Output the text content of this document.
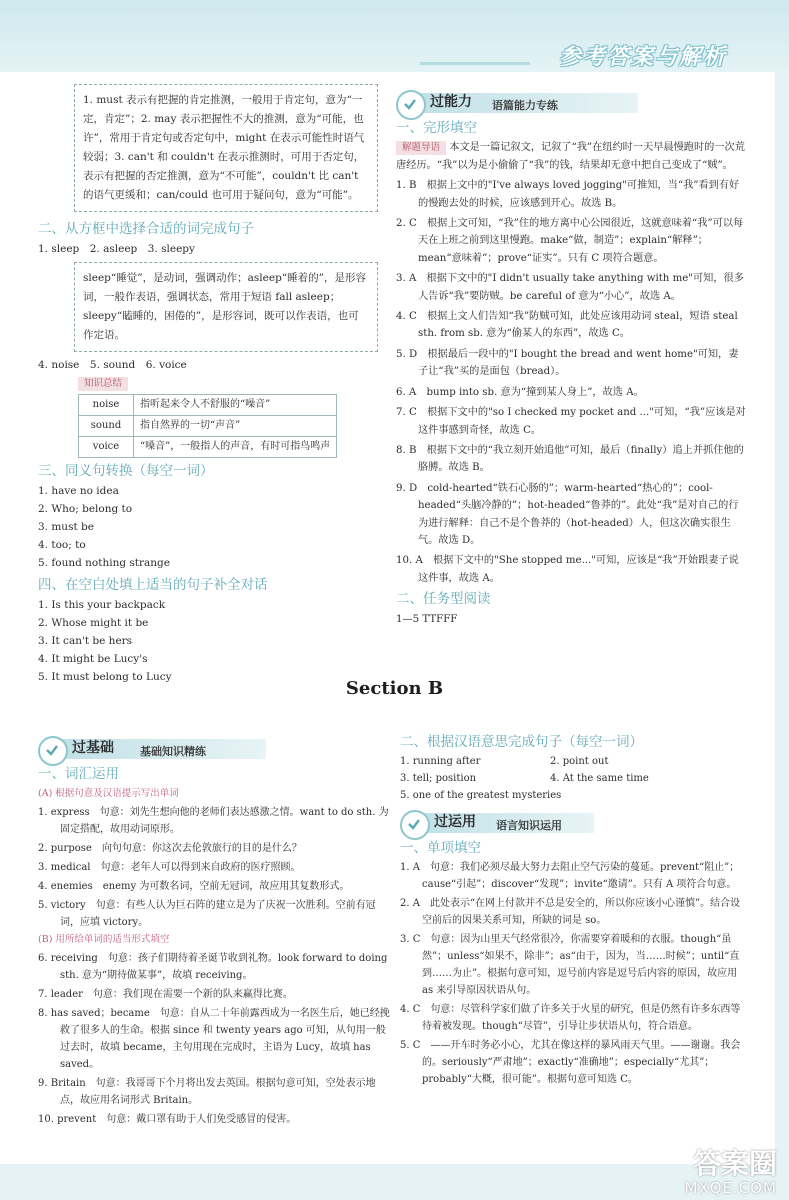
参考答案与解析

1. must 表示有把握的肯定推测，一般用于肯定句，意为“一定，肯定”；2. may 表示把握性不大的推测，意为“可能，也许”，常用于肯定句或否定句中，might 在表示可能性时语气较弱；3. can't 和 couldn't 在表示推测时，可用于否定句，表示有把握的否定推测，意为“不可能”，couldn't 比 can't 的语气更缓和；can/could 也可用于疑问句，意为“可能”。

二、从方框中选择合适的词完成句子

1. sleep　2. asleep　3. sleepy

sleep“睡觉”，是动词，强调动作；asleep“睡着的”，是形容词，一般作表语，强调状态，常用于短语 fall asleep；sleepy“瞌睡的，困倦的”，是形容词，既可以作表语，也可作定语。

4. noise　5. sound　6. voice

知识总结
noise	指听起来令人不舒服的“噪音”
sound	指自然界的一切“声音”
voice	“嗓音”，一般指人的声音，有时可指鸟鸣声
三、同义句转换（每空一词）

1. have no idea

2. Who; belong to

3. must be

4. too; to

5. found nothing strange

四、在空白处填上适当的句子补全对话

1. Is this your backpack

2. Whose might it be

3. It can't be hers

4. It might be Lucy's

5. It must belong to Lucy

过能力 语篇能力专练
一、完形填空

解题导语 本文是一篇记叙文，记叙了“我”在纽约时一天早晨慢跑时的一次荒唐经历。“我”以为是小偷偷了“我”的钱，结果却无意中把自己变成了“贼”。

1. B　根据上文中的"I've always loved jogging"可推知，当“我”看到有好的慢跑去处的时候，应该感到开心。故选 B。

2. C　根据上文可知，“我”住的地方离中心公园很近，这就意味着“我”可以每天在上班之前到这里慢跑。make“做，制造”；explain“解释”；mean“意味着”；prove“证实”。只有 C 项符合题意。

3. A　根据下文中的"I didn't usually take anything with me"可知，很多人告诉“我”要防贼。be careful of 意为“小心”，故选 A。

4. C　根据上文人们告知“我”防贼可知，此处应该用动词 steal，短语 steal sth. from sb. 意为“偷某人的东西”，故选 C。

5. D　根据最后一段中的"I bought the bread and went home"可知，妻子让“我”买的是面包（bread）。

6. A　bump into sb. 意为“撞到某人身上”，故选 A。

7. C　根据下文中的"so I checked my pocket and ..."可知，“我”应该是对这件事感到奇怪，故选 C。

8. B　根据下文中的“我立刻开始追他”可知，最后（finally）追上并抓住他的胳膊。故选 B。

9. D　cold-hearted“铁石心肠的”；warm-hearted“热心的”；cool-headed“头脑冷静的”；hot-headed“鲁莽的”。此处“我”是对自己的行为进行解释：自己不是个鲁莽的（hot-headed）人，但这次确实很生气。故选 D。

10. A　根据下文中的"She stopped me..."可知，应该是“我”开始跟妻子说这件事，故选 A。

二、任务型阅读

1—5 TTFFF

Section B
过基础 基础知识精练
一、词汇运用

(A) 根据句意及汉语提示写出单词

1. express　句意：刘先生想向他的老师们表达感激之情。want to do sth. 为固定搭配，故用动词原形。

2. purpose　向句句意：你这次去伦敦旅行的目的是什么？

3. medical　句意：老年人可以得到来自政府的医疗照顾。

4. enemies　enemy 为可数名词，空前无冠词，故应用其复数形式。

5. victory　句意：有些人认为巨石阵的建立是为了庆祝一次胜利。空前有冠词，应填 victory。

(B) 用所给单词的适当形式填空

6. receiving　句意：孩子们期待着圣诞节收到礼物。look forward to doing sth. 意为“期待做某事”，故填 receiving。

7. leader　句意：我们现在需要一个新的队来赢得比赛。

8. has saved；became　句意：自从二十年前露西成为一名医生后，她已经挽救了很多人的生命。根据 since 和 twenty years ago 可知，从句用一般过去时，故填 became，主句用现在完成时，主语为 Lucy，故填 has saved。

9. Britain　句意：我哥哥下个月将出发去英国。根据句意可知，空处表示地点，故应用名词形式 Britain。

10. prevent　句意：戴口罩有助于人们免受感冒的侵害。

二、根据汉语意思完成句子（每空一词）
1. running after	2. point out
3. tell; position	4. At the same time
5. one of the greatest mysteries
过运用 语言知识运用
一、单项填空

1. A　句意：我们必须尽最大努力去阻止空气污染的蔓延。prevent“阻止”；cause“引起”；discover“发现”；invite“邀请”。只有 A 项符合句意。

2. A　此处表示“在网上付款并不总是安全的，所以你应该小心谨慎”。结合设空前后的因果关系可知，所缺的词是 so。

3. C　句意：因为山里天气经常很冷，你需要穿着暖和的衣服。though“虽然”；unless“如果不，除非”；as“由于，因为，当……时候”；until“直到……为止”。根据句意可知，逗号前内容是逗号后内容的原因，故应用 as 来引导原因状语从句。

4. C　句意：尽管科学家们做了许多关于火星的研究，但是仍然有许多东西等待着被发现。though“尽管”，引导让步状语从句，符合语意。

5. C　——开车时务必小心，尤其在像这样的暴风雨天气里。——谢谢。我会的。seriously“严肃地”；exactly“准确地”；especially“尤其”；probably“大概，很可能”。根据句意可知选 C。

答案圈
MXQE.COM
